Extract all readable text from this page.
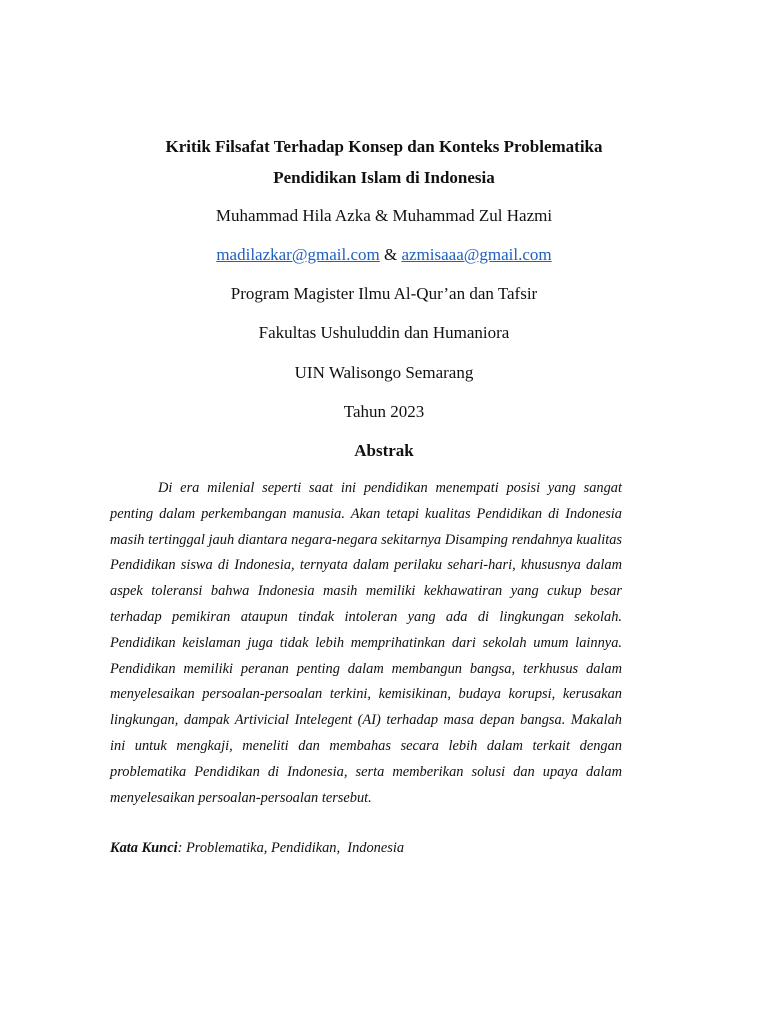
Kritik Filsafat Terhadap Konsep dan Konteks Problematika
Pendidikan Islam di Indonesia
Muhammad Hila Azka & Muhammad Zul Hazmi
madilazkar@gmail.com & azmisaaa@gmail.com
Program Magister Ilmu Al-Qur’an dan Tafsir
Fakultas Ushuluddin dan Humaniora
UIN Walisongo Semarang
Tahun 2023
Abstrak

Di era milenial seperti saat ini pendidikan menempati posisi yang sangat penting dalam perkembangan manusia. Akan tetapi kualitas Pendidikan di Indonesia masih tertinggal jauh diantara negara-negara sekitarnya Disamping rendahnya kualitas Pendidikan siswa di Indonesia, ternyata dalam perilaku sehari-hari, khususnya dalam aspek toleransi bahwa Indonesia masih memiliki kekhawatiran yang cukup besar terhadap pemikiran ataupun tindak intoleran yang ada di lingkungan sekolah. Pendidikan keislaman juga tidak lebih memprihatinkan dari sekolah umum lainnya. Pendidikan memiliki peranan penting dalam membangun bangsa, terkhusus dalam menyelesaikan persoalan-persoalan terkini, kemisikinan, budaya korupsi, kerusakan lingkungan, dampak Artivicial Intelegent (AI) terhadap masa depan bangsa. Makalah ini untuk mengkaji, meneliti dan membahas secara lebih dalam terkait dengan problematika Pendidikan di Indonesia, serta memberikan solusi dan upaya dalam menyelesaikan persoalan-persoalan tersebut.

Kata Kunci: Problematika, Pendidikan,  Indonesia
